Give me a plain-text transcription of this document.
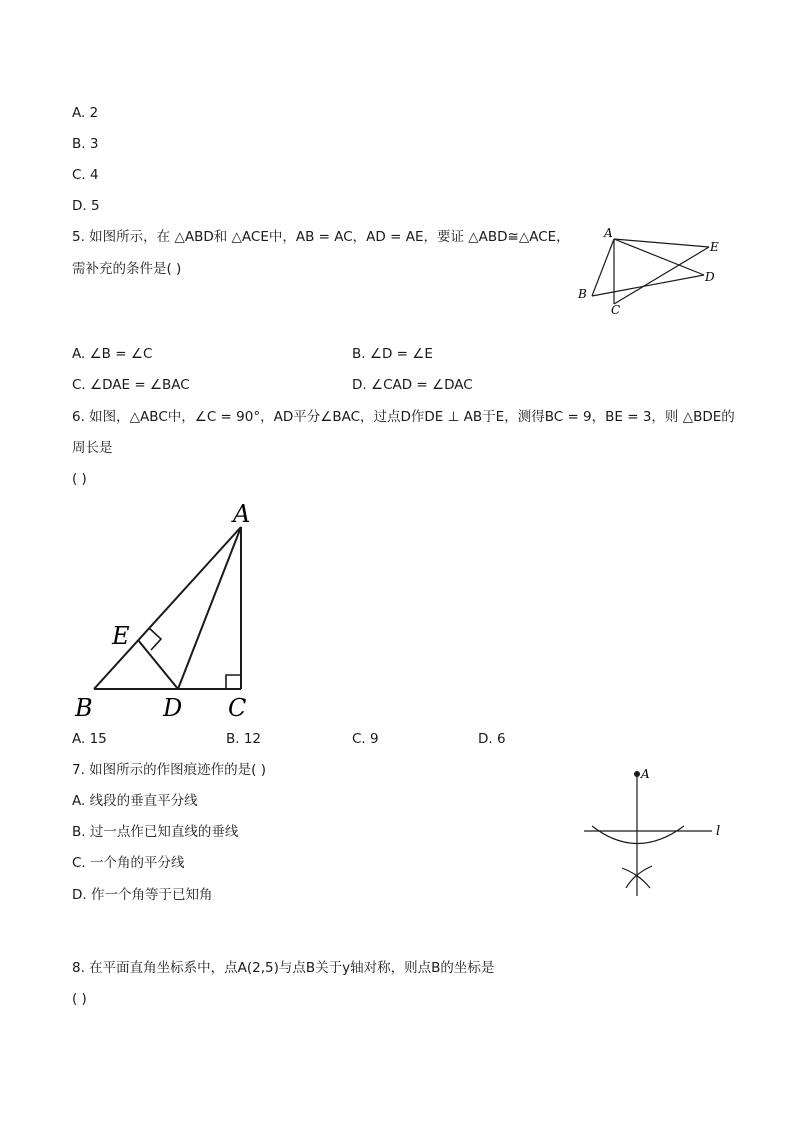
A. 2
B. 3
C. 4
D. 5
5. 如图所示，在 △ABD和 △ACE中，AB = AC，AD = AE，要证 △ABD≅△ACE，
需补充的条件是( )
A
E
D
B
C
A. ∠B = ∠C	B. ∠D = ∠E
C. ∠DAE = ∠BAC	D. ∠CAD = ∠DAC
6. 如图，△ABC中，∠C = 90°，AD平分∠BAC，过点D作DE ⊥ AB于E，测得BC = 9，BE = 3，则 △BDE的
周长是
( )
A
E
B	D C
A. 15	B. 12	C. 9	D. 6
7. 如图所示的作图痕迹作的是( )
A. 线段的垂直平分线
B. 过一点作已知直线的垂线
C. 一个角的平分线
D. 作一个角等于已知角
A
l
8. 在平面直角坐标系中，点A(2,5)与点B关于y轴对称，则点B的坐标是
( )
